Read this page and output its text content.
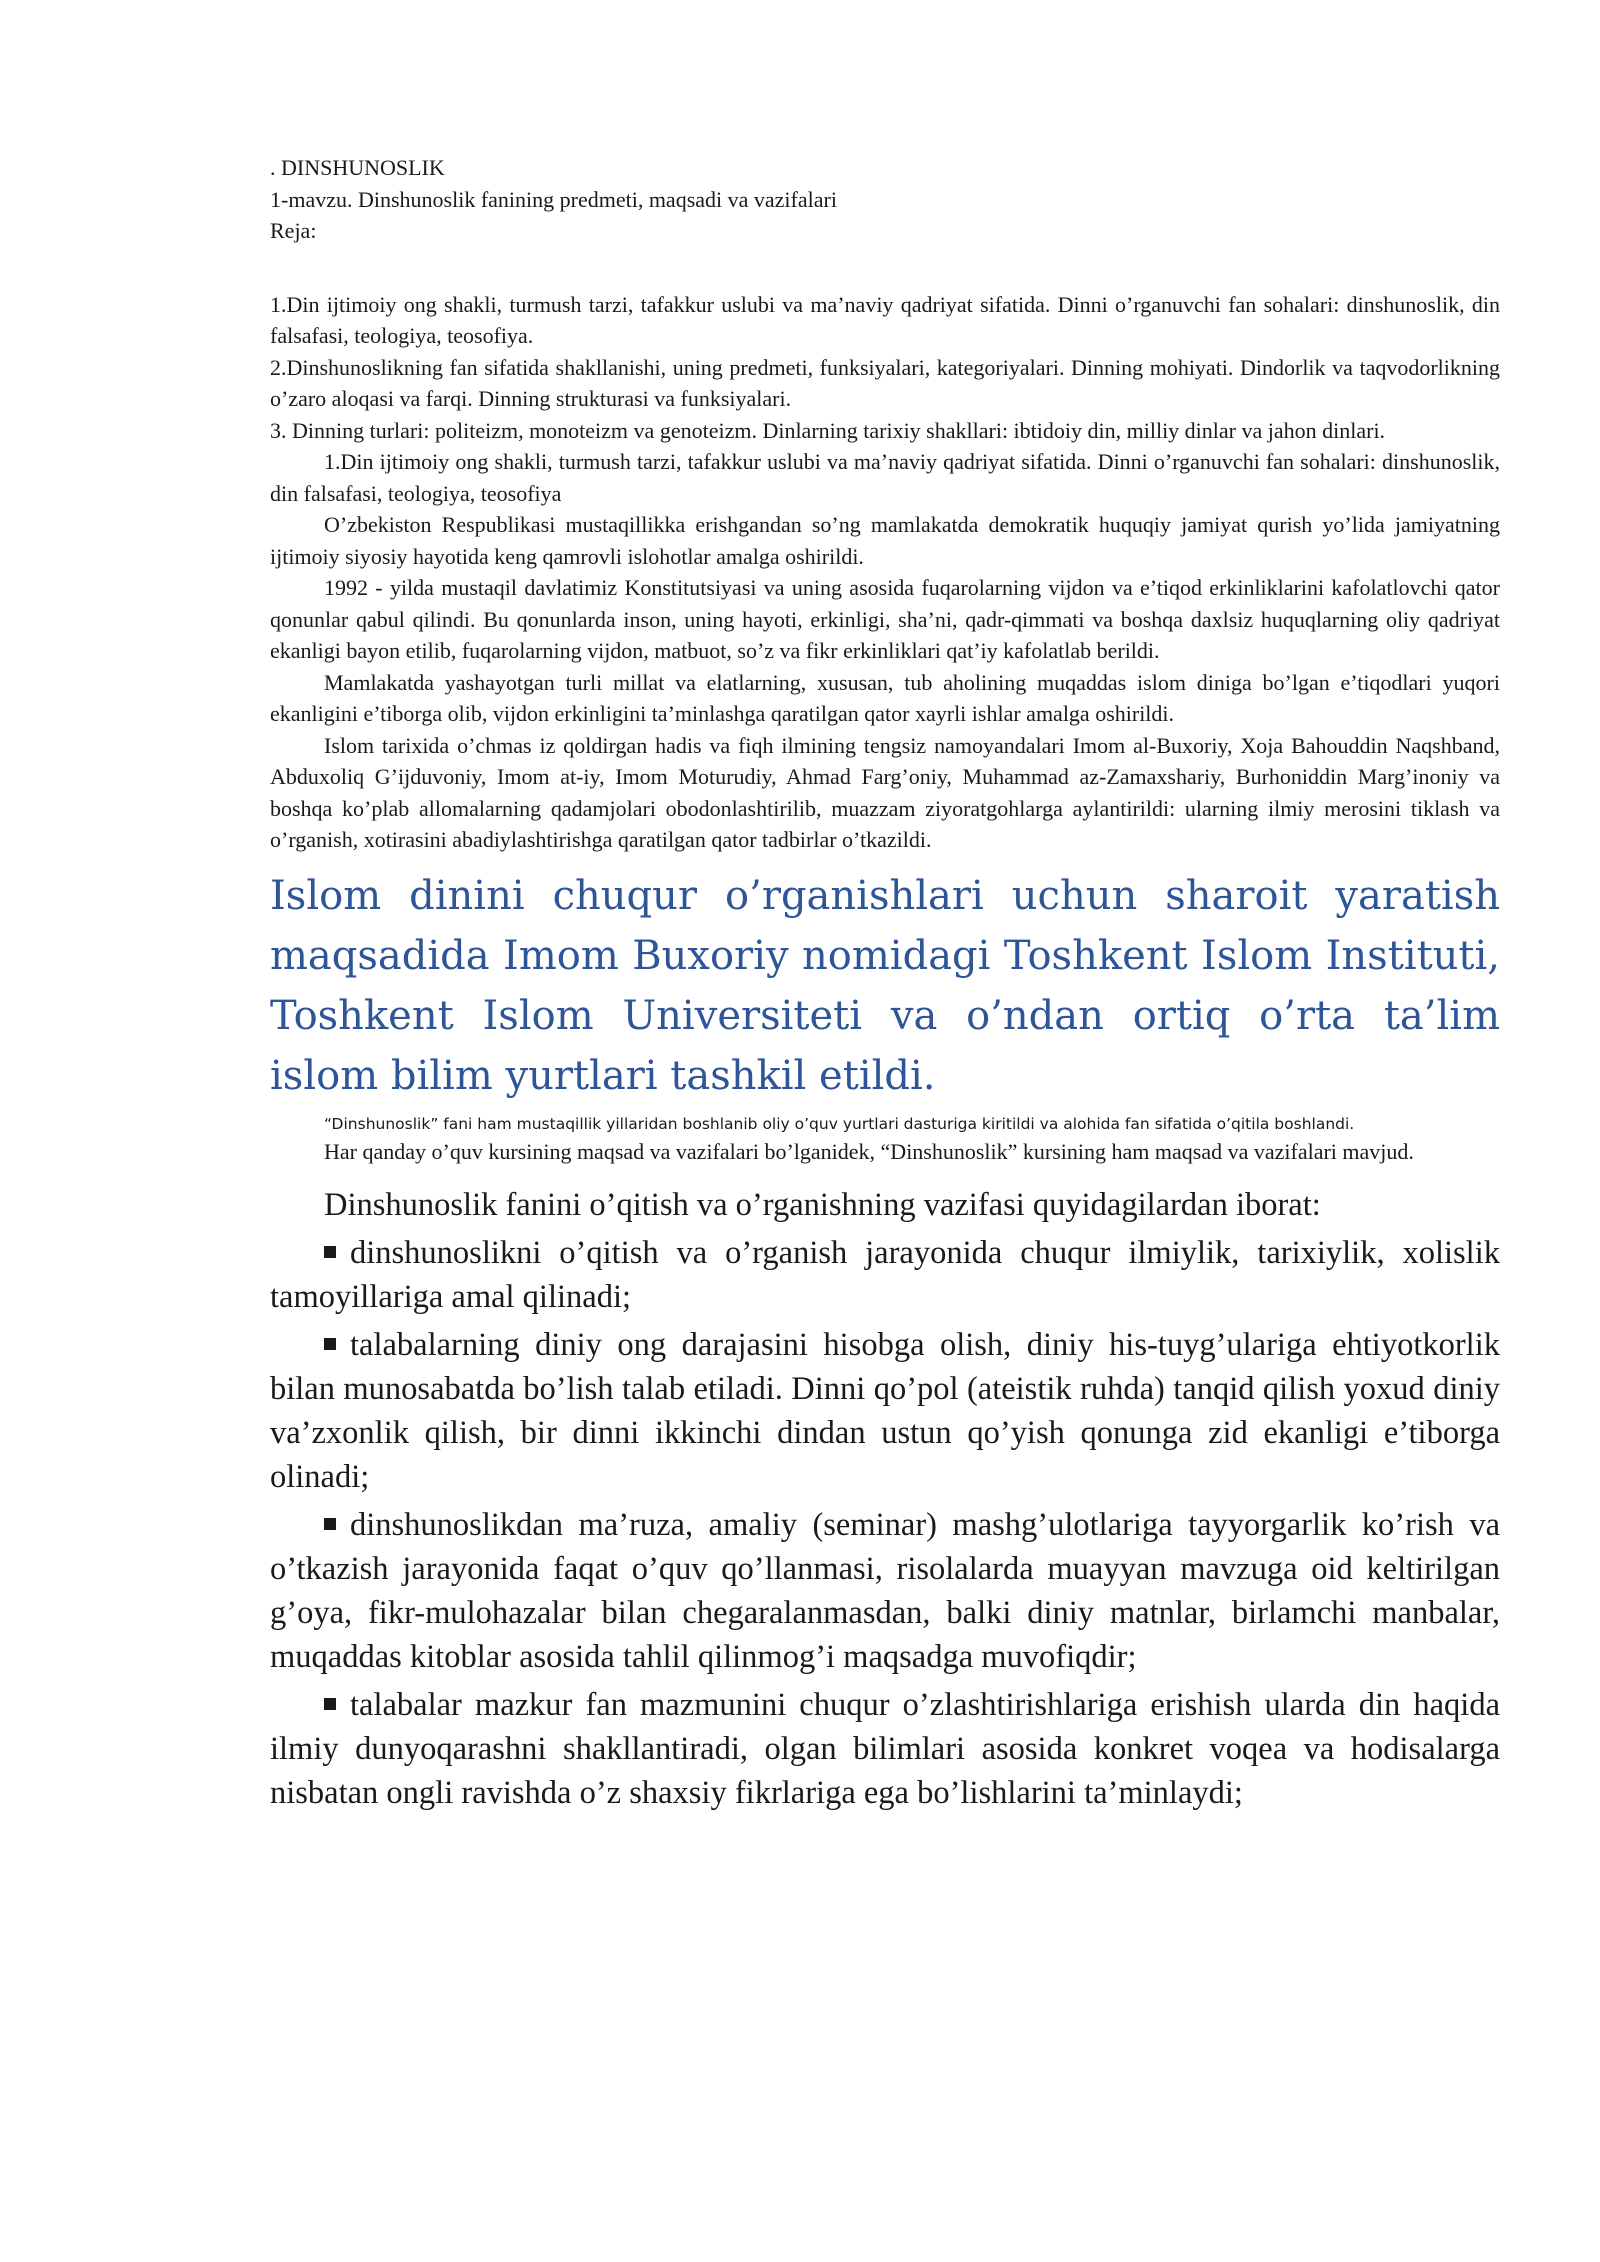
. DINSHUNOSLIK

1-mavzu. Dinshunoslik fanining predmeti, maqsadi va vazifalari

Reja:

1.Din ijtimoiy ong shakli, turmush tarzi, tafakkur uslubi va ma’naviy qadriyat sifatida. Dinni o’rganuvchi fan sohalari: dinshunoslik, din falsafasi, teologiya, teosofiya.

2.Dinshunoslikning fan sifatida shakllanishi, uning predmeti, funksiyalari, kategoriyalari. Dinning mohiyati. Dindorlik va taqvodorlikning o’zaro aloqasi va farqi. Dinning strukturasi va funksiyalari.

3. Dinning turlari: politeizm, monoteizm va genoteizm. Dinlarning tarixiy shakllari: ibtidoiy din, milliy dinlar va jahon dinlari.

1.Din ijtimoiy ong shakli, turmush tarzi, tafakkur uslubi va ma’naviy qadriyat sifatida. Dinni o’rganuvchi fan sohalari: dinshunoslik, din falsafasi, teologiya, teosofiya

O’zbekiston Respublikasi mustaqillikka erishgandan so’ng mamlakatda demokratik huquqiy jamiyat qurish yo’lida jamiyatning ijtimoiy siyosiy hayotida keng qamrovli islohotlar amalga oshirildi.

1992 - yilda mustaqil davlatimiz Konstitutsiyasi va uning asosida fuqarolarning vijdon va e’tiqod erkinliklarini kafolatlovchi qator qonunlar qabul qilindi. Bu qonunlarda inson, uning hayoti, erkinligi, sha’ni, qadr-qimmati va boshqa daxlsiz huquqlarning oliy qadriyat ekanligi bayon etilib, fuqarolarning vijdon, matbuot, so’z va fikr erkinliklari qat’iy kafolatlab berildi.

Mamlakatda yashayotgan turli millat va elatlarning, xususan, tub aholining muqaddas islom diniga bo’lgan e’tiqodlari yuqori ekanligini e’tiborga olib, vijdon erkinligini ta’minlashga qaratilgan qator xayrli ishlar amalga oshirildi.

Islom tarixida o’chmas iz qoldirgan hadis va fiqh ilmining tengsiz namoyandalari Imom al-Buxoriy, Xoja Bahouddin Naqshband, Abduxoliq G’ijduvoniy, Imom at-iy, Imom Moturudiy, Ahmad Farg’oniy, Muhammad az-Zamaxshariy, Burhoniddin Marg’inoniy va boshqa ko’plab allomalarning qadamjolari obodonlashtirilib, muazzam ziyoratgohlarga aylantirildi: ularning ilmiy merosini tiklash va o’rganish, xotirasini abadiylashtirishga qaratilgan qator tadbirlar o’tkazildi.

Islom dinini chuqur o’rganishlari uchun sharoit yaratish maqsadida Imom Buxoriy nomidagi Toshkent Islom Instituti, Toshkent Islom Universiteti va o’ndan ortiq o’rta ta’lim islom bilim yurtlari tashkil etildi.

“Dinshunoslik” fani ham mustaqillik yillaridan boshlanib oliy o’quv yurtlari dasturiga kiritildi va alohida fan sifatida o’qitila boshlandi.

Har qanday o’quv kursining maqsad va vazifalari bo’lganidek, “Dinshunoslik” kursining ham maqsad va vazifalari mavjud.

Dinshunoslik fanini o’qitish va o’rganishning vazifasi quyidagilardan iborat:

dinshunoslikni o’qitish va o’rganish jarayonida chuqur ilmiylik, tarixiylik, xolislik tamoyillariga amal qilinadi;

talabalarning diniy ong darajasini hisobga olish, diniy his-tuyg’ulariga ehtiyotkorlik bilan munosabatda bo’lish talab etiladi. Dinni qo’pol (ateistik ruhda) tanqid qilish yoxud diniy va’zxonlik qilish, bir dinni ikkinchi dindan ustun qo’yish qonunga zid ekanligi e’tiborga olinadi;

dinshunoslikdan ma’ruza, amaliy (seminar) mashg’ulotlariga tayyorgarlik ko’rish va o’tkazish jarayonida faqat o’quv qo’llanmasi, risolalarda muayyan mavzuga oid keltirilgan g’oya, fikr-mulohazalar bilan chegaralanmasdan, balki diniy matnlar, birlamchi manbalar, muqaddas kitoblar asosida tahlil qilinmog’i maqsadga muvofiqdir;

talabalar mazkur fan mazmunini chuqur o’zlashtirishlariga erishish ularda din haqida ilmiy dunyoqarashni shakllantiradi, olgan bilimlari asosida konkret voqea va hodisalarga nisbatan ongli ravishda o’z shaxsiy fikrlariga ega bo’lishlarini ta’minlaydi;
